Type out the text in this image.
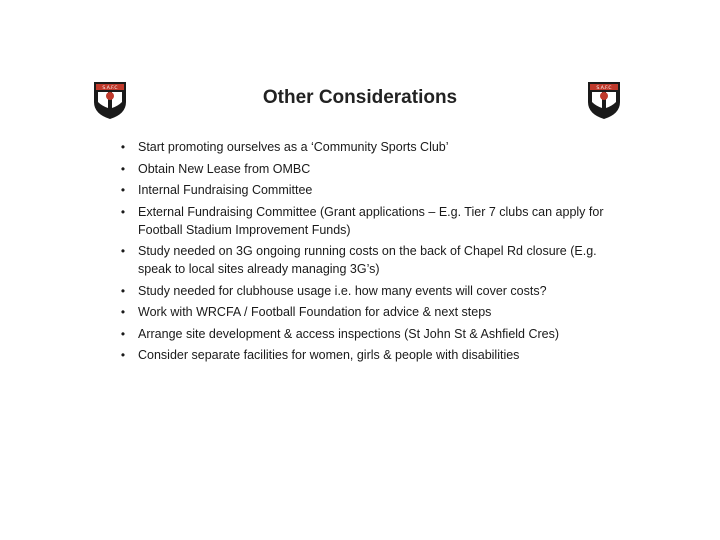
S.A.F.C	Other Considerations	S.A.F.C
• Start promoting ourselves as a ‘Community Sports Club’
• Obtain New Lease from OMBC
• Internal Fundraising Committee
• External Fundraising Committee (Grant applications – E.g. Tier 7 clubs can apply for Football Stadium Improvement Funds)
• Study needed on 3G ongoing running costs on the back of Chapel Rd closure (E.g. speak to local sites already managing 3G’s)
• Study needed for clubhouse usage i.e. how many events will cover costs?
• Work with WRCFA / Football Foundation for advice & next steps
• Arrange site development & access inspections (St John St & Ashfield Cres)
• Consider separate facilities for women, girls & people with disabilities
